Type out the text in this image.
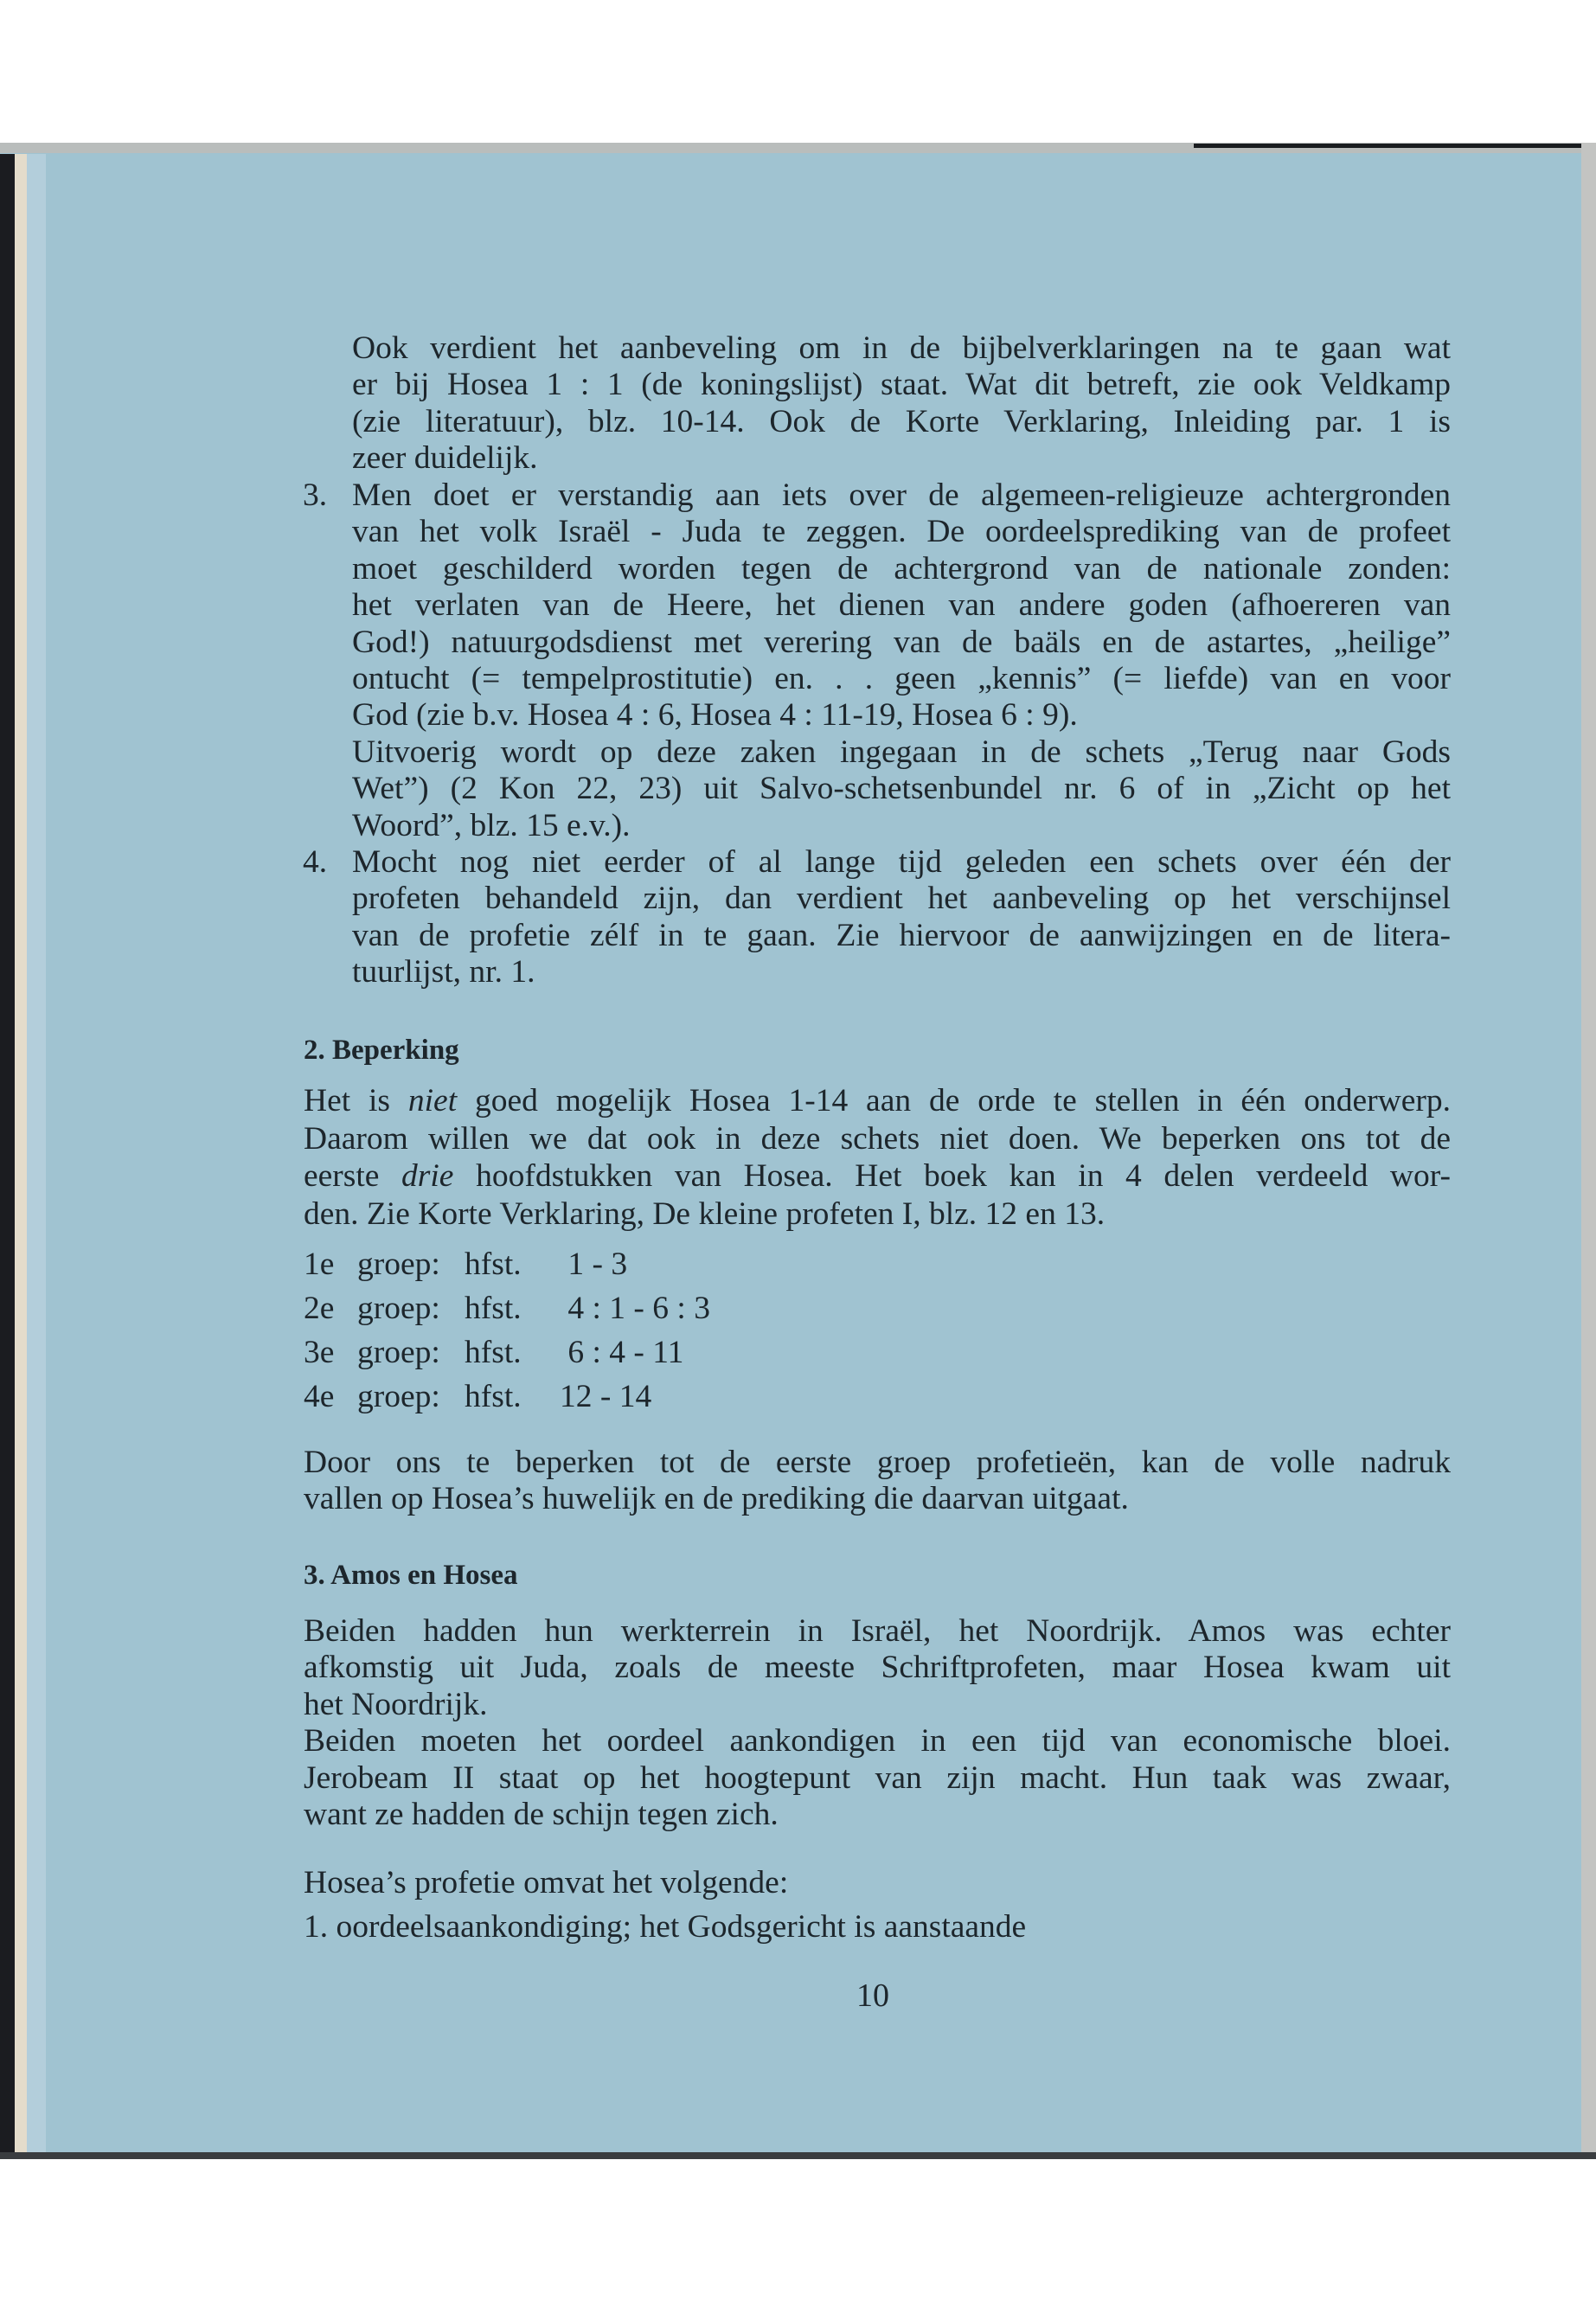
Ook verdient het aanbeveling om in de bijbelverklaringen na te gaan wat
er bij Hosea 1 : 1 (de koningslijst) staat. Wat dit betreft, zie ook Veldkamp
(zie literatuur), blz. 10-14. Ook de Korte Verklaring, Inleiding par. 1 is
zeer duidelijk.
3. Men doet er verstandig aan iets over de algemeen-religieuze achtergronden
van het volk Israël - Juda te zeggen. De oordeelsprediking van de profeet
moet geschilderd worden tegen de achtergrond van de nationale zonden:
het verlaten van de Heere, het dienen van andere goden (afhoereren van
God!) natuurgodsdienst met verering van de baäls en de astartes, „heilige”
ontucht (= tempelprostitutie) en. . . geen „kennis” (= liefde) van en voor
God (zie b.v. Hosea 4 : 6, Hosea 4 : 11-19, Hosea 6 : 9).
Uitvoerig wordt op deze zaken ingegaan in de schets „Terug naar Gods
Wet”) (2 Kon 22, 23) uit Salvo-schetsenbundel nr. 6 of in „Zicht op het
Woord”, blz. 15 e.v.).
4. Mocht nog niet eerder of al lange tijd geleden een schets over één der
profeten behandeld zijn, dan verdient het aanbeveling op het verschijnsel
van de profetie zélf in te gaan. Zie hiervoor de aanwijzingen en de litera-
tuurlijst, nr. 1.
2. Beperking
Het is niet goed mogelijk Hosea 1-14 aan de orde te stellen in één onderwerp.
Daarom willen we dat ook in deze schets niet doen. We beperken ons tot de
eerste drie hoofdstukken van Hosea. Het boek kan in 4 delen verdeeld wor-
den. Zie Korte Verklaring, De kleine profeten I, blz. 12 en 13.
1e groep: hfst. 1 - 3
2e groep: hfst. 4 : 1 - 6 : 3
3e groep: hfst. 6 : 4 - 11
4e groep: hfst. 12 - 14
Door ons te beperken tot de eerste groep profetieën, kan de volle nadruk
vallen op Hosea’s huwelijk en de prediking die daarvan uitgaat.
3. Amos en Hosea
Beiden hadden hun werkterrein in Israël, het Noordrijk. Amos was echter
afkomstig uit Juda, zoals de meeste Schriftprofeten, maar Hosea kwam uit
het Noordrijk.
Beiden moeten het oordeel aankondigen in een tijd van economische bloei.
Jerobeam II staat op het hoogtepunt van zijn macht. Hun taak was zwaar,
want ze hadden de schijn tegen zich.
Hosea’s profetie omvat het volgende:
1. oordeelsaankondiging; het Godsgericht is aanstaande
10
